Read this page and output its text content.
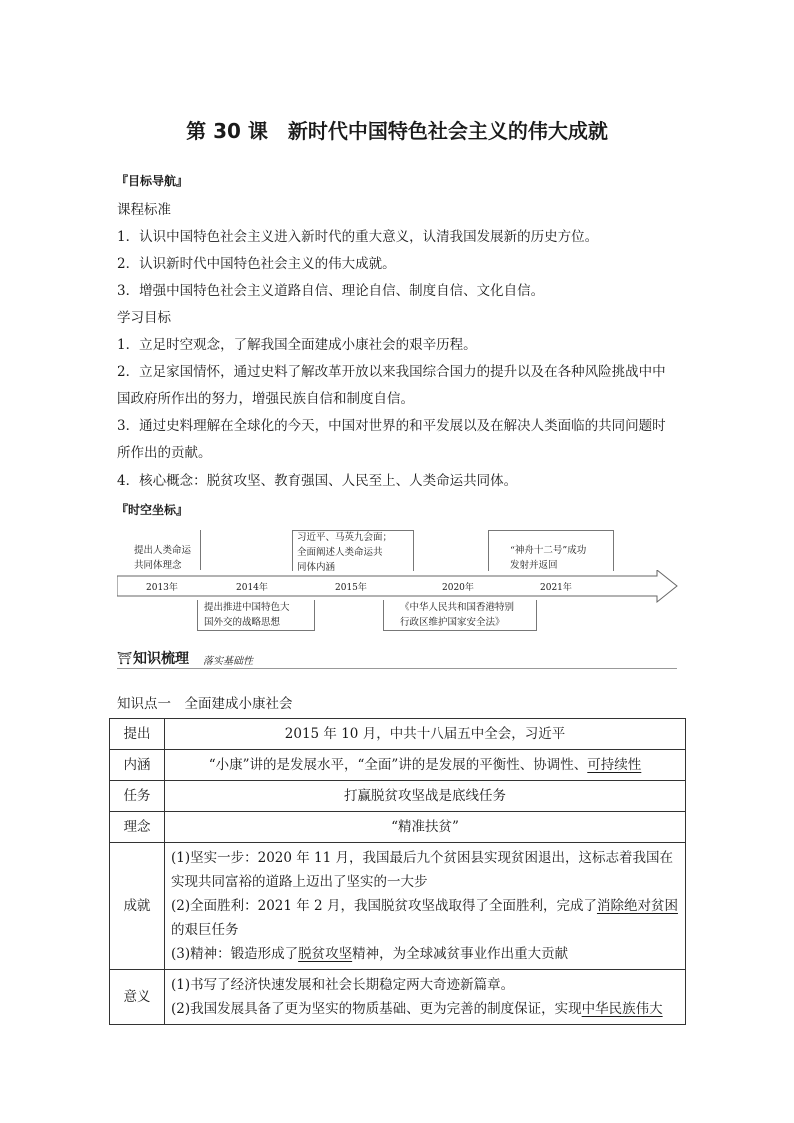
第 30 课　新时代中国特色社会主义的伟大成就
『目标导航』
课程标准
1．认识中国特色社会主义进入新时代的重大意义，认清我国发展新的历史方位。
2．认识新时代中国特色社会主义的伟大成就。
3．增强中国特色社会主义道路自信、理论自信、制度自信、文化自信。
学习目标
1．立足时空观念，了解我国全面建成小康社会的艰辛历程。
2．立足家国情怀，通过史料了解改革开放以来我国综合国力的提升以及在各种风险挑战中中
国政府所作出的努力，增强民族自信和制度自信。
3．通过史料理解在全球化的今天，中国对世界的和平发展以及在解决人类面临的共同问题时
所作出的贡献。
4．核心概念：脱贫攻坚、教育强国、人民至上、人类命运共同体。
『时空坐标』
2013年	2014年	2015年	2020年	2021年
提出人类命运
共同体理念
习近平、马英九会面；
全面阐述人类命运共
同体内涵
“神舟十二号”成功
发射并返回
提出推进中国特色大
国外交的战略思想
《中华人民共和国香港特别
行政区维护国家安全法》
⛩ 知识梳理 落实基础性
知识点一　全面建成小康社会
提出	2015 年 10 月，中共十八届五中全会，习近平
内涵	“小康”讲的是发展水平，“全面”讲的是发展的平衡性、协调性、可持续性
任务	打赢脱贫攻坚战是底线任务
理念	“精准扶贫”
成就	(1)坚实一步：2020 年 11 月，我国最后九个贫困县实现贫困退出，这标志着我国在
实现共同富裕的道路上迈出了坚实的一大步
(2)全面胜利：2021 年 2 月，我国脱贫攻坚战取得了全面胜利，完成了消除绝对贫困
的艰巨任务
(3)精神：锻造形成了脱贫攻坚精神，为全球减贫事业作出重大贡献

意义	(1)书写了经济快速发展和社会长期稳定两大奇迹新篇章。
(2)我国发展具备了更为坚实的物质基础、更为完善的制度保证，实现中华民族伟大
